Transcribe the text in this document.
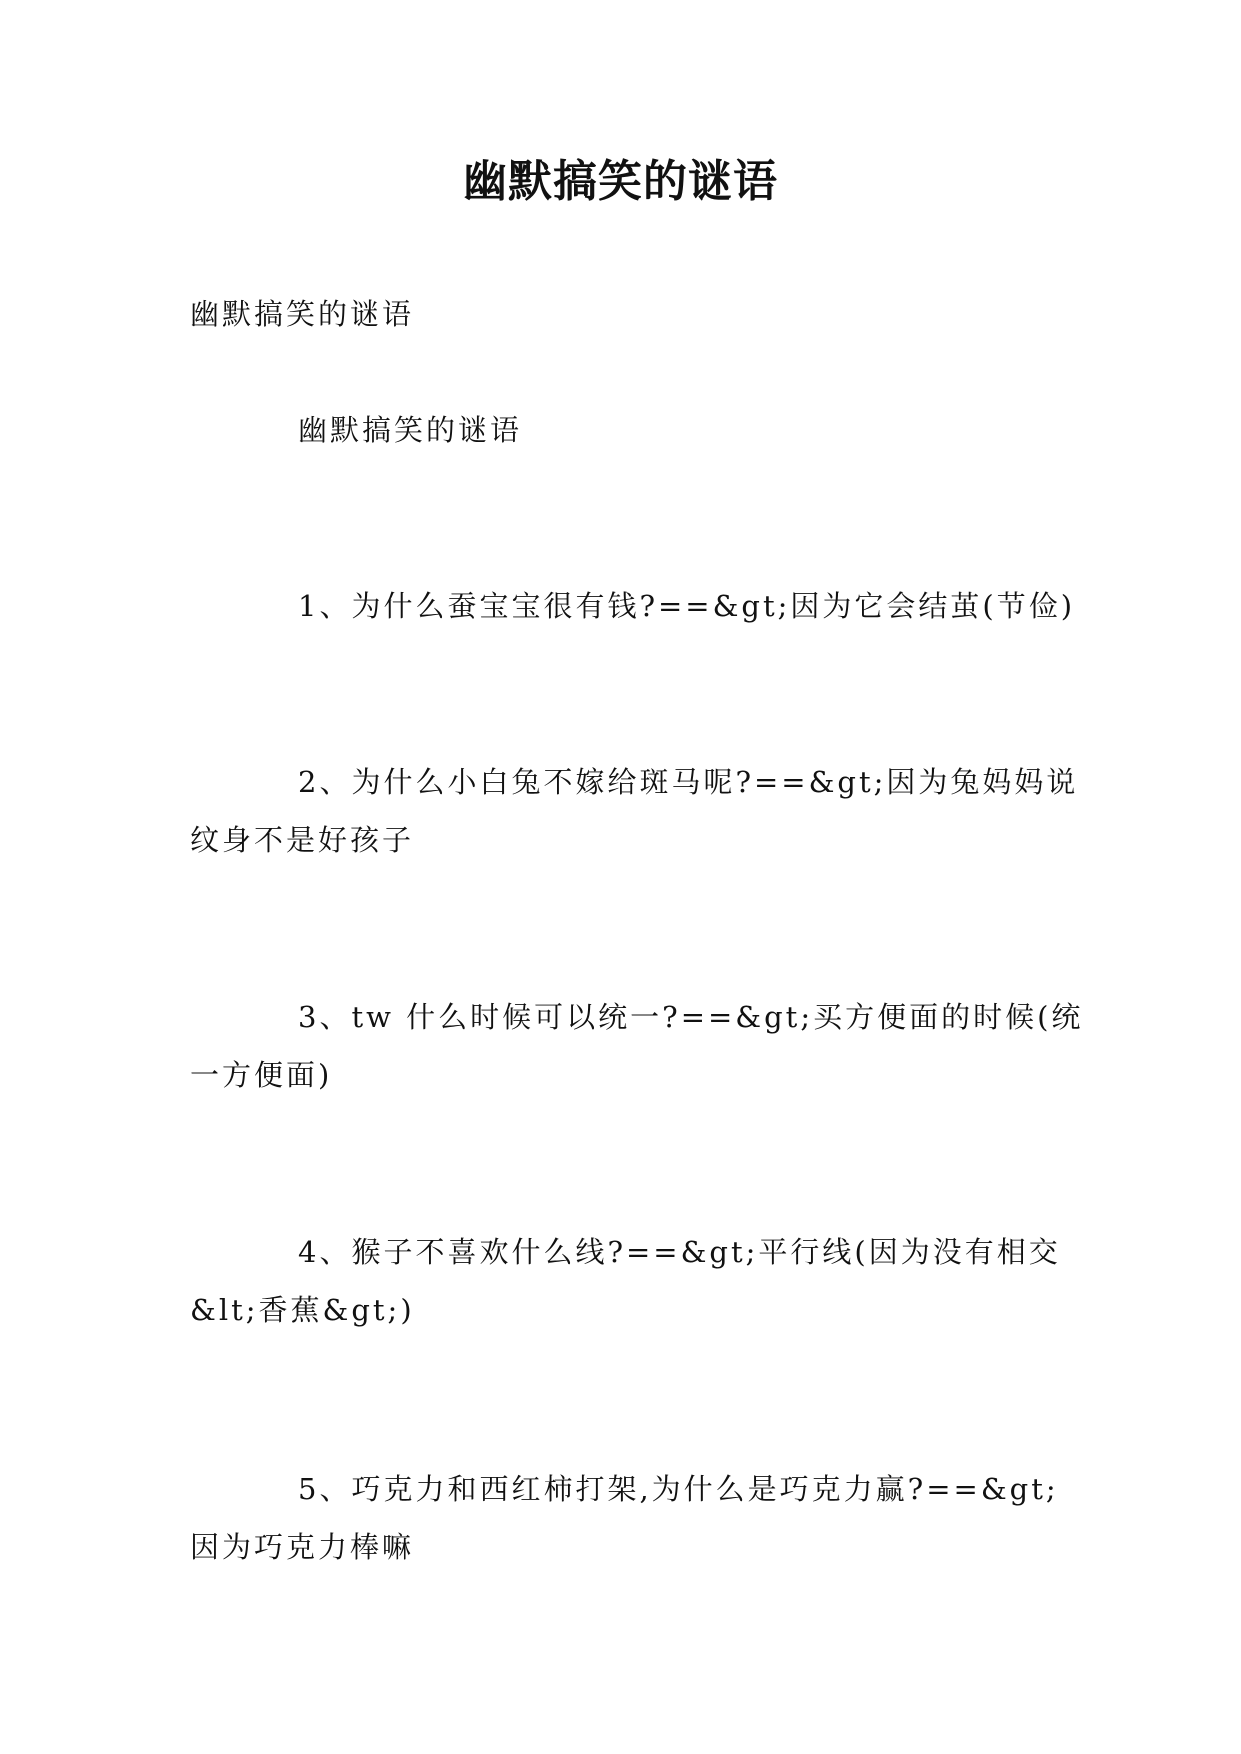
幽默搞笑的谜语
幽默搞笑的谜语
幽默搞笑的谜语
1、为什么蚕宝宝很有钱?==&gt;因为它会结茧(节俭)
2、为什么小白兔不嫁给斑马呢?==&gt;因为兔妈妈说
纹身不是好孩子
3、tw 什么时候可以统一?==&gt;买方便面的时候(统
一方便面)
4、猴子不喜欢什么线?==&gt;平行线(因为没有相交
&lt;香蕉&gt;)
5、巧克力和西红柿打架,为什么是巧克力赢?==&gt;
因为巧克力棒嘛
